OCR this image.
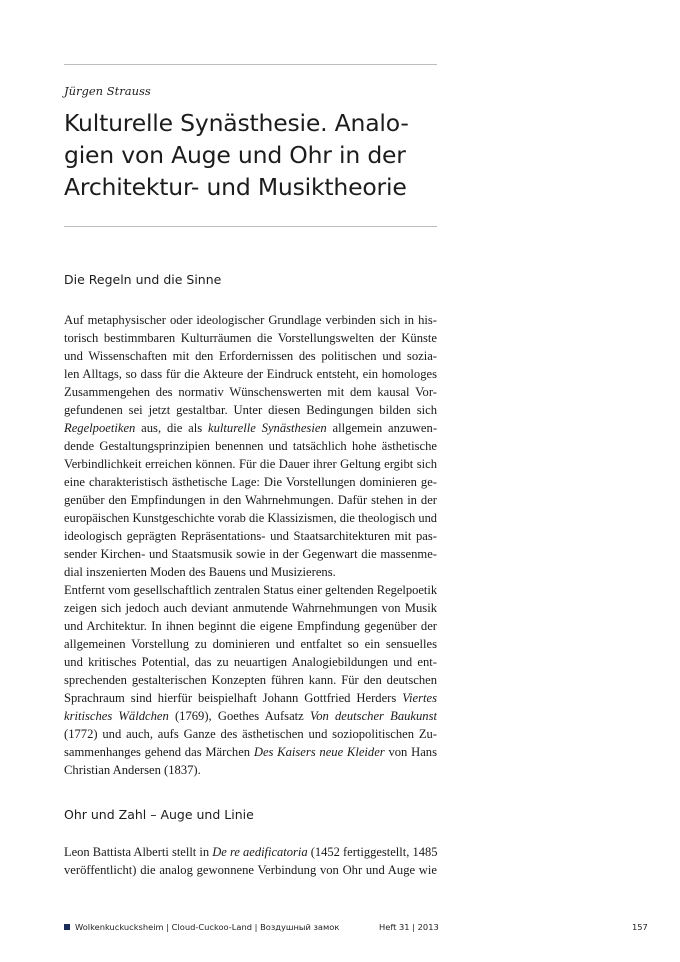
Jürgen Strauss
Kulturelle Synästhesie. Analo-
gien von Auge und Ohr in der
Architektur- und Musiktheorie
Die Regeln und die Sinne
Auf metaphysischer oder ideologischer Grundlage verbinden sich in his-
torisch bestimmbaren Kulturräumen die Vorstellungswelten der Künste
und Wissenschaften mit den Erfordernissen des politischen und sozia-
len Alltags, so dass für die Akteure der Eindruck entsteht, ein homologes
Zusammengehen des normativ Wünschenswerten mit dem kausal Vor-
gefundenen sei jetzt gestaltbar. Unter diesen Bedingungen bilden sich
Regelpoetiken aus, die als kulturelle Synästhesien allgemein anzuwen-
dende Gestaltungsprinzipien benennen und tatsächlich hohe ästhetische
Verbindlichkeit erreichen können. Für die Dauer ihrer Geltung ergibt sich
eine charakteristisch ästhetische Lage: Die Vorstellungen dominieren ge-
genüber den Empfindungen in den Wahrnehmungen. Dafür stehen in der
europäischen Kunstgeschichte vorab die Klassizismen, die theologisch und
ideologisch geprägten Repräsentations- und Staatsarchitekturen mit pas-
sender Kirchen- und Staatsmusik sowie in der Gegenwart die massenme-
dial inszenierten Moden des Bauens und Musizierens.
Entfernt vom gesellschaftlich zentralen Status einer geltenden Regelpoetik
zeigen sich jedoch auch deviant anmutende Wahrnehmungen von Musik
und Architektur. In ihnen beginnt die eigene Empfindung gegenüber der
allgemeinen Vorstellung zu dominieren und entfaltet so ein sensuelles
und kritisches Potential, das zu neuartigen Analogiebildungen und ent-
sprechenden gestalterischen Konzepten führen kann. Für den deutschen
Sprachraum sind hierfür beispielhaft Johann Gottfried Herders Viertes
kritisches Wäldchen (1769), Goethes Aufsatz Von deutscher Baukunst
(1772) und auch, aufs Ganze des ästhetischen und soziopolitischen Zu-
sammenhanges gehend das Märchen Des Kaisers neue Kleider von Hans
Christian Andersen (1837).
Ohr und Zahl – Auge und Linie
Leon Battista Alberti stellt in De re aedificatoria (1452 fertiggestellt, 1485
veröffentlicht) die analog gewonnene Verbindung von Ohr und Auge wie
Wolkenkuckucksheim | Cloud-Cuckoo-Land | Воздушный замок	Heft 31 | 2013	157
